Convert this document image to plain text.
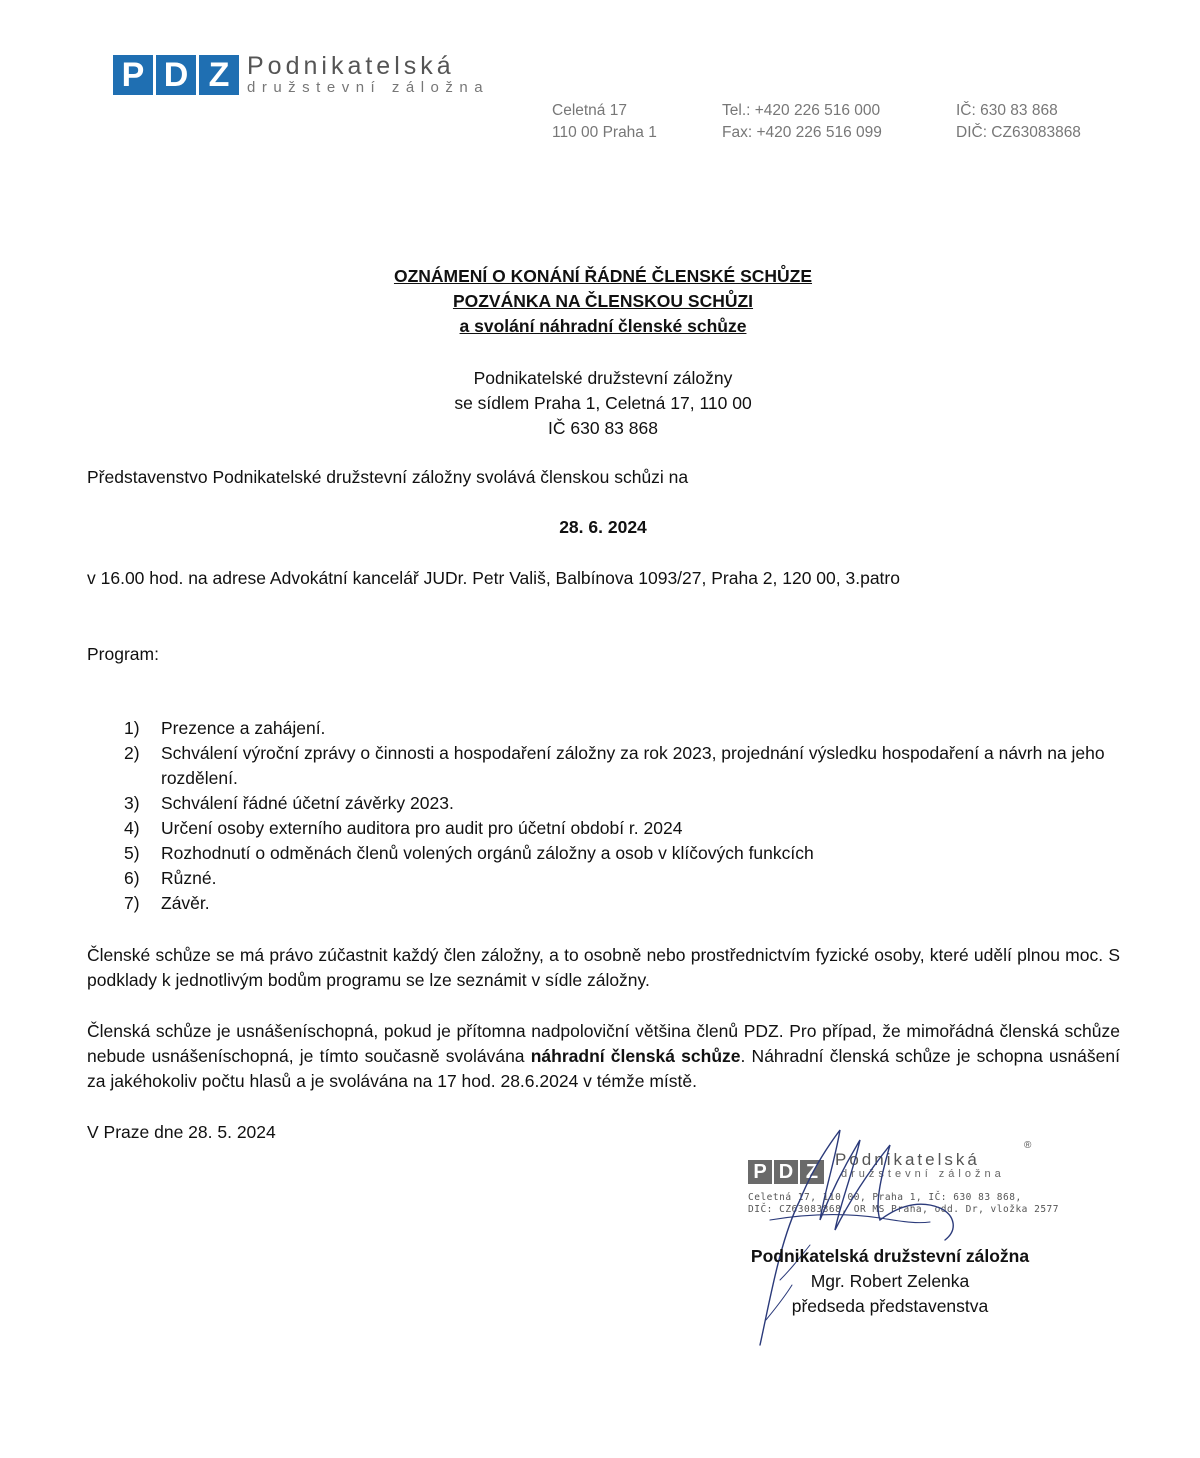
P D Z Podnikatelská
družstevní záložna
Celetná 17
110 00 Praha 1
Tel.: +420 226 516 000
Fax: +420 226 516 099
IČ: 630 83 868
DIČ: CZ63083868
OZNÁMENÍ O KONÁNÍ ŘÁDNÉ ČLENSKÉ SCHŮZE
POZVÁNKA NA ČLENSKOU SCHŮZI
a svolání náhradní členské schůze
Podnikatelské družstevní záložny
se sídlem Praha 1, Celetná 17, 110 00
IČ 630 83 868
Představenstvo Podnikatelské družstevní záložny svolává členskou schůzi na
28. 6. 2024
v 16.00 hod. na adrese Advokátní kancelář JUDr. Petr Vališ, Balbínova 1093/27, Praha 2, 120 00, 3.patro
Program:
1)	Prezence a zahájení.
2)	Schválení výroční zprávy o činnosti a hospodaření záložny za rok 2023, projednání výsledku hospodaření a návrh na jeho rozdělení.
3)	Schválení řádné účetní závěrky 2023.
4)	Určení osoby externího auditora pro audit pro účetní období r. 2024
5)	Rozhodnutí o odměnách členů volených orgánů záložny a osob v klíčových funkcích
6)	Různé.
7)	Závěr.
Členské schůze se má právo zúčastnit každý člen záložny, a to osobně nebo prostřednictvím fyzické osoby, které udělí plnou moc. S podklady k jednotlivým bodům programu se lze seznámit v sídle záložny.
Členská schůze je usnášeníschopná, pokud je přítomna nadpoloviční většina členů PDZ. Pro případ, že mimořádná členská schůze nebude usnášeníschopná, je tímto současně svolávána náhradní členská schůze. Náhradní členská schůze je schopna usnášení za jakéhokoliv počtu hlasů a je svolávána na 17 hod. 28.6.2024 v témže místě.
V Praze dne 28. 5. 2024
P D Z
Podnikatelská
družstevní záložna
®
Celetná 17, 110 00, Praha 1, IČ: 630 83 868,
DIČ: CZ63083868, OR MS Praha, odd. Dr, vložka 2577
Podnikatelská družstevní záložna
Mgr. Robert Zelenka
předseda představenstva
